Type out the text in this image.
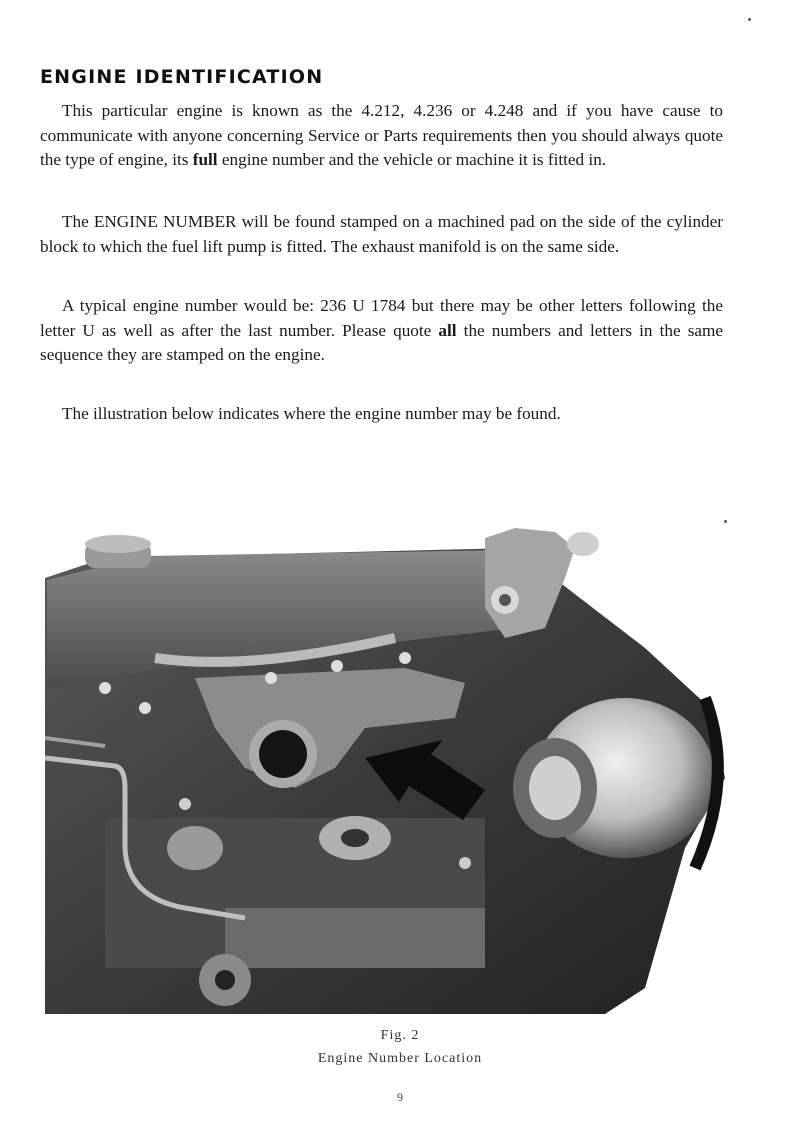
ENGINE IDENTIFICATION

This particular engine is known as the 4.212, 4.236 or 4.248 and if you have cause to communicate with anyone concerning Service or Parts requirements then you should always quote the type of engine, its full engine number and the vehicle or machine it is fitted in.

The ENGINE NUMBER will be found stamped on a machined pad on the side of the cylinder block to which the fuel lift pump is fitted. The exhaust manifold is on the same side.

A typical engine number would be: 236 U 1784 but there may be other letters following the letter U as well as after the last number. Please quote all the numbers and letters in the same sequence they are stamped on the engine.

The illustration below indicates where the engine number may be found.

Fig. 2
Engine Number Location
9
